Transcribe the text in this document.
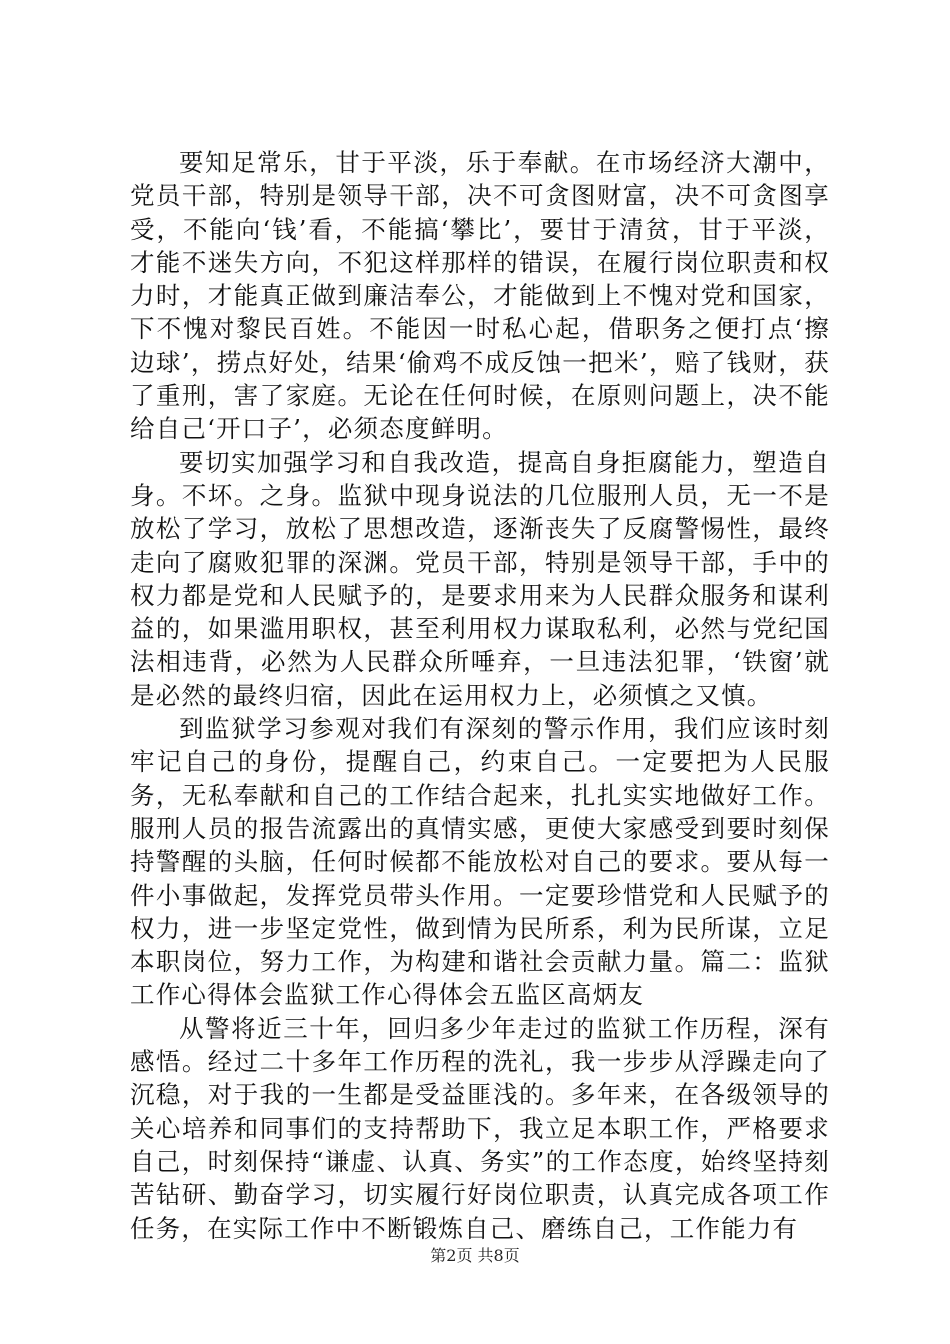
要知足常乐，甘于平淡，乐于奉献。在市场经济大潮中，党员干部，特别是领导干部，决不可贪图财富，决不可贪图享受，不能向‘钱’看，不能搞‘攀比’，要甘于清贫，甘于平淡，才能不迷失方向，不犯这样那样的错误，在履行岗位职责和权力时，才能真正做到廉洁奉公，才能做到上不愧对党和国家，下不愧对黎民百姓。不能因一时私心起，借职务之便打点‘擦边球’，捞点好处，结果‘偷鸡不成反蚀一把米’，赔了钱财，获了重刑，害了家庭。无论在任何时候，在原则问题上，决不能给自己‘开口子’，必须态度鲜明。

要切实加强学习和自我改造，提高自身拒腐能力，塑造自身。不坏。之身。监狱中现身说法的几位服刑人员，无一不是放松了学习，放松了思想改造，逐渐丧失了反腐警惕性，最终走向了腐败犯罪的深渊。党员干部，特别是领导干部，手中的权力都是党和人民赋予的，是要求用来为人民群众服务和谋利益的，如果滥用职权，甚至利用权力谋取私利，必然与党纪国法相违背，必然为人民群众所唾弃，一旦违法犯罪，‘铁窗’就是必然的最终归宿，因此在运用权力上，必须慎之又慎。

到监狱学习参观对我们有深刻的警示作用，我们应该时刻牢记自己的身份，提醒自己，约束自己。一定要把为人民服务，无私奉献和自己的工作结合起来，扎扎实实地做好工作。服刑人员的报告流露出的真情实感，更使大家感受到要时刻保持警醒的头脑，任何时候都不能放松对自己的要求。要从每一件小事做起，发挥党员带头作用。一定要珍惜党和人民赋予的权力，进一步坚定党性，做到情为民所系，利为民所谋，立足本职岗位，努力工作，为构建和谐社会贡献力量。篇二：监狱工作心得体会监狱工作心得体会五监区高炳友

从警将近三十年，回归多少年走过的监狱工作历程，深有感悟。经过二十多年工作历程的洗礼，我一步步从浮躁走向了沉稳，对于我的一生都是受益匪浅的。多年来，在各级领导的关心培养和同事们的支持帮助下，我立足本职工作，严格要求自己，时刻保持“谦虚、认真、务实”的工作态度，始终坚持刻苦钻研、勤奋学习，切实履行好岗位职责，认真完成各项工作任务，在实际工作中不断锻炼自己、磨练自己，工作能力有

第2页 共8页
